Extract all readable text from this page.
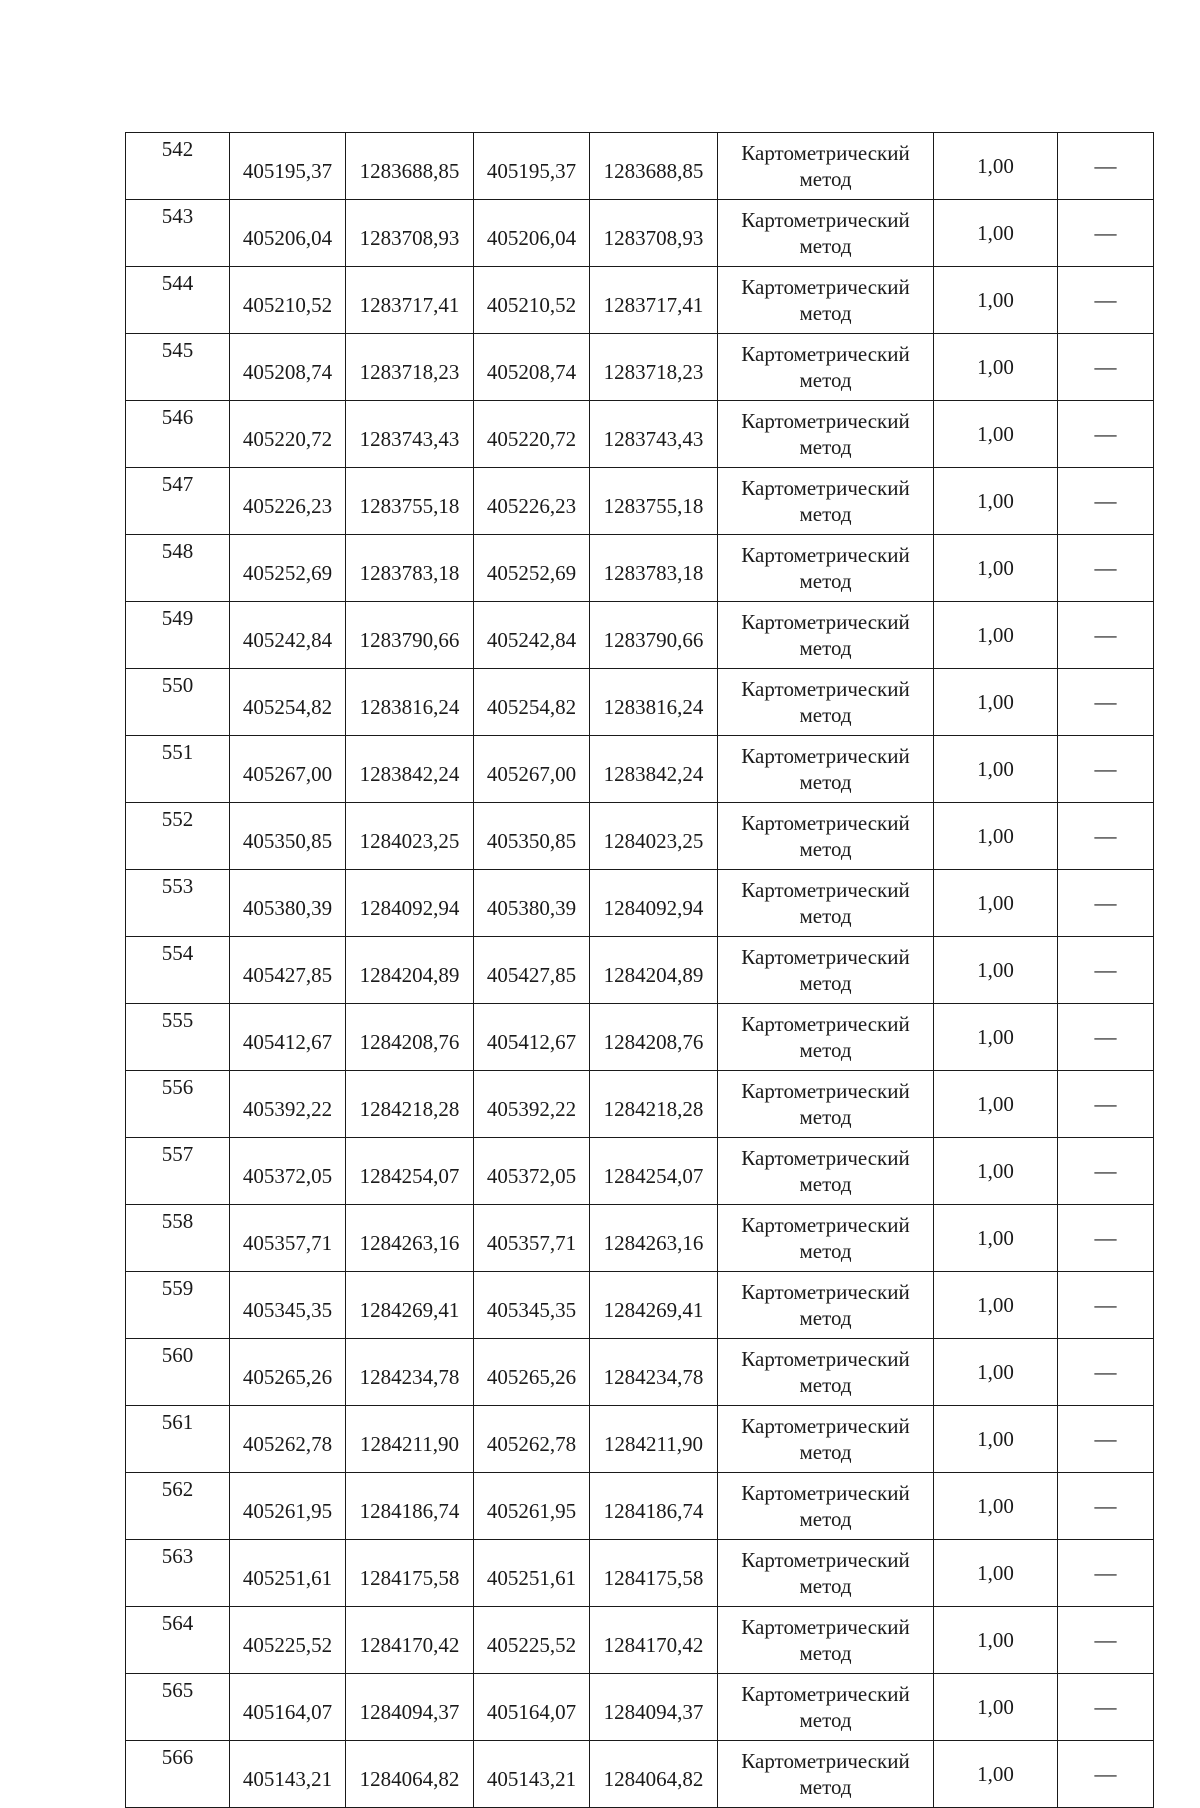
542	405195,37	1283688,85	405195,37	1283688,85	Картометрический
метод	1,00	—
543	405206,04	1283708,93	405206,04	1283708,93	Картометрический
метод	1,00	—
544	405210,52	1283717,41	405210,52	1283717,41	Картометрический
метод	1,00	—
545	405208,74	1283718,23	405208,74	1283718,23	Картометрический
метод	1,00	—
546	405220,72	1283743,43	405220,72	1283743,43	Картометрический
метод	1,00	—
547	405226,23	1283755,18	405226,23	1283755,18	Картометрический
метод	1,00	—
548	405252,69	1283783,18	405252,69	1283783,18	Картометрический
метод	1,00	—
549	405242,84	1283790,66	405242,84	1283790,66	Картометрический
метод	1,00	—
550	405254,82	1283816,24	405254,82	1283816,24	Картометрический
метод	1,00	—
551	405267,00	1283842,24	405267,00	1283842,24	Картометрический
метод	1,00	—
552	405350,85	1284023,25	405350,85	1284023,25	Картометрический
метод	1,00	—
553	405380,39	1284092,94	405380,39	1284092,94	Картометрический
метод	1,00	—
554	405427,85	1284204,89	405427,85	1284204,89	Картометрический
метод	1,00	—
555	405412,67	1284208,76	405412,67	1284208,76	Картометрический
метод	1,00	—
556	405392,22	1284218,28	405392,22	1284218,28	Картометрический
метод	1,00	—
557	405372,05	1284254,07	405372,05	1284254,07	Картометрический
метод	1,00	—
558	405357,71	1284263,16	405357,71	1284263,16	Картометрический
метод	1,00	—
559	405345,35	1284269,41	405345,35	1284269,41	Картометрический
метод	1,00	—
560	405265,26	1284234,78	405265,26	1284234,78	Картометрический
метод	1,00	—
561	405262,78	1284211,90	405262,78	1284211,90	Картометрический
метод	1,00	—
562	405261,95	1284186,74	405261,95	1284186,74	Картометрический
метод	1,00	—
563	405251,61	1284175,58	405251,61	1284175,58	Картометрический
метод	1,00	—
564	405225,52	1284170,42	405225,52	1284170,42	Картометрический
метод	1,00	—
565	405164,07	1284094,37	405164,07	1284094,37	Картометрический
метод	1,00	—
566	405143,21	1284064,82	405143,21	1284064,82	Картометрический
метод	1,00	—
